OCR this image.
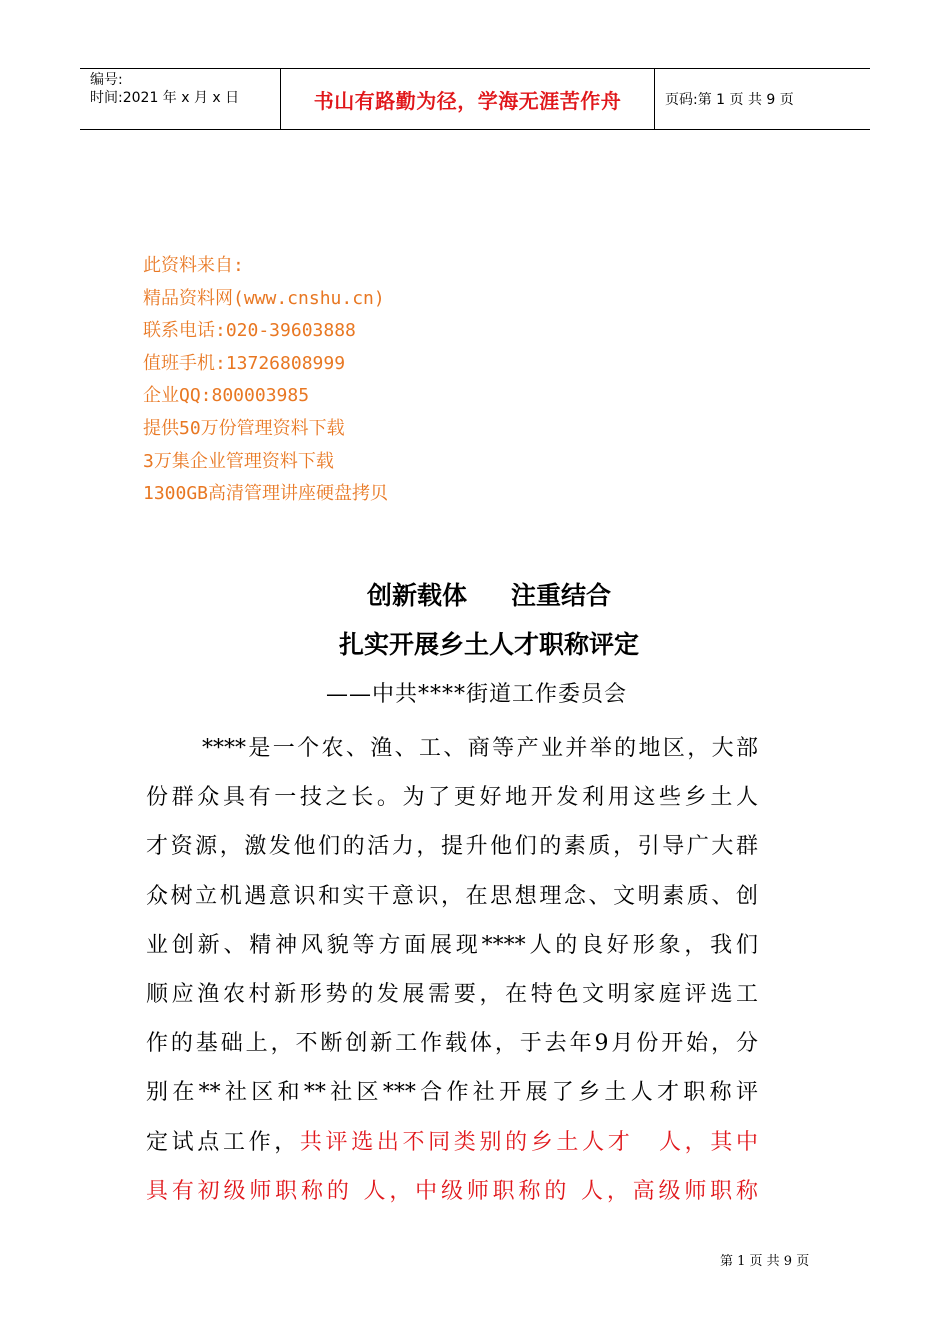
编号:
时间:2021 年 x 月 x 日	书山有路勤为径，学海无涯苦作舟	页码:第 1 页 共 9 页
此资料来自:
精品资料网(www.cnshu.cn)
联系电话:020-39603888
值班手机:13726808999
企业QQ:800003985
提供50万份管理资料下载
3万集企业管理资料下载
1300GB高清管理讲座硬盘拷贝
创新载体 注重结合
扎实开展乡土人才职称评定
——中共****街道工作委员会
****是一个农、渔、工、商等产业并举的地区，大部
份群众具有一技之长。为了更好地开发利用这些乡土人
才资源，激发他们的活力，提升他们的素质，引导广大群
众树立机遇意识和实干意识，在思想理念、文明素质、创
业创新、精神风貌等方面展现****人的良好形象，我们
顺应渔农村新形势的发展需要，在特色文明家庭评选工
作的基础上，不断创新工作载体，于去年9月份开始，分
别在**社区和**社区***合作社开展了乡土人才职称评
定试点工作，共评选出不同类别的乡土人才　人，其中
具有初级师职称的 人，中级师职称的 人，高级师职称
第 1 页 共 9 页
